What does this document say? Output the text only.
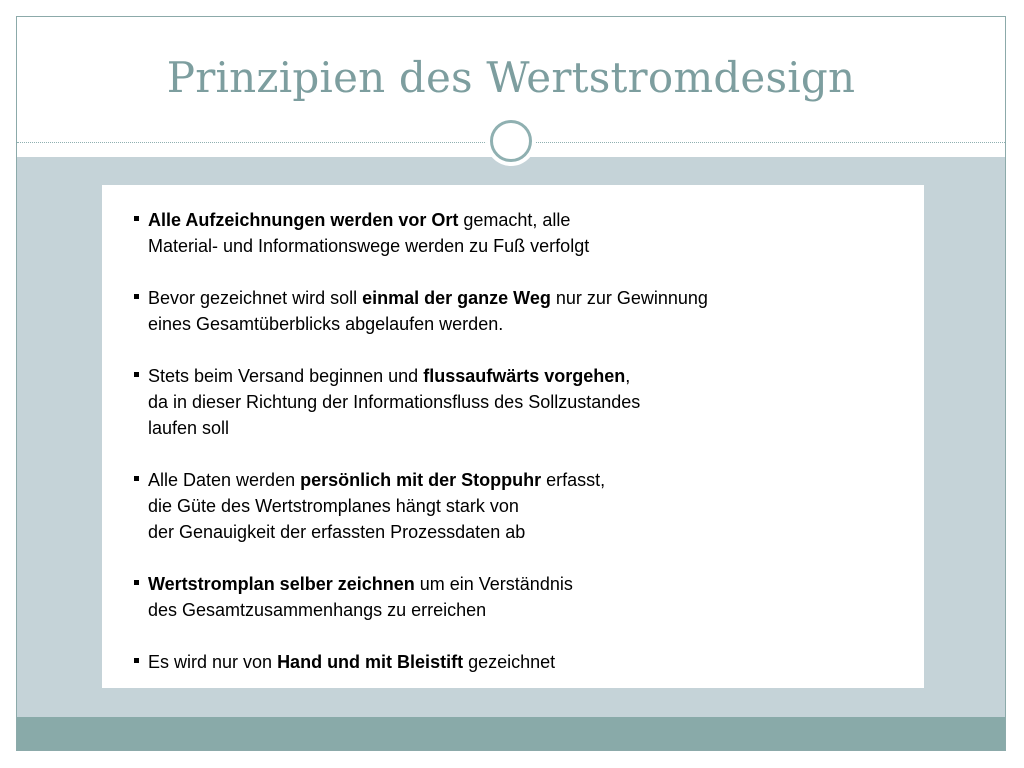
Prinzipien des Wertstromdesign
Alle Aufzeichnungen werden vor Ort gemacht, alle
Material- und Informationswege werden zu Fuß verfolgt
Bevor gezeichnet wird soll einmal der ganze Weg nur zur Gewinnung
eines Gesamtüberblicks abgelaufen werden.
Stets beim Versand beginnen und flussaufwärts vorgehen,
da in dieser Richtung der Informationsfluss des Sollzustandes
laufen soll
Alle Daten werden persönlich mit der Stoppuhr erfasst,
die Güte des Wertstromplanes hängt stark von
der Genauigkeit der erfassten Prozessdaten ab
Wertstromplan selber zeichnen um ein Verständnis
des Gesamtzusammenhangs zu erreichen
Es wird nur von Hand und mit Bleistift gezeichnet
